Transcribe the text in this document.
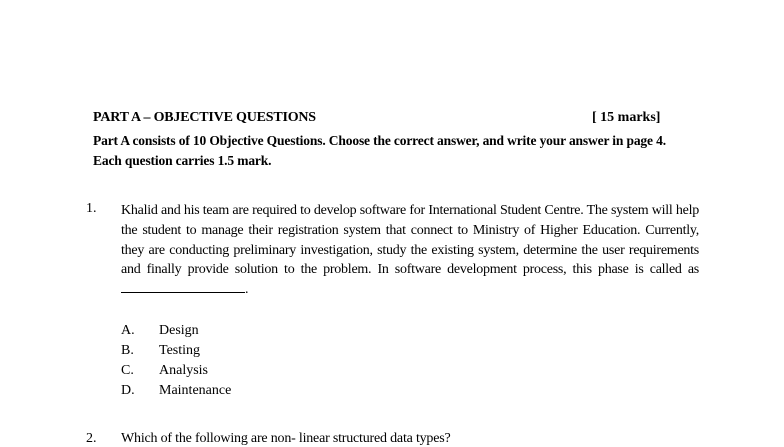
PART A – OBJECTIVE QUESTIONS	[ 15 marks]
Part A consists of 10 Objective Questions. Choose the correct answer, and write your answer in page 4. Each question carries 1.5 mark.
1. Khalid and his team are required to develop software for International Student Centre. The system will help the student to manage their registration system that connect to Ministry of Higher Education. Currently, they are conducting preliminary investigation, study the existing system, determine the user requirements and finally provide solution to the problem. In software development process, this phase is called as .
A.	Design
B.	Testing
C.	Analysis
D.	Maintenance
2. Which of the following are non- linear structured data types?
